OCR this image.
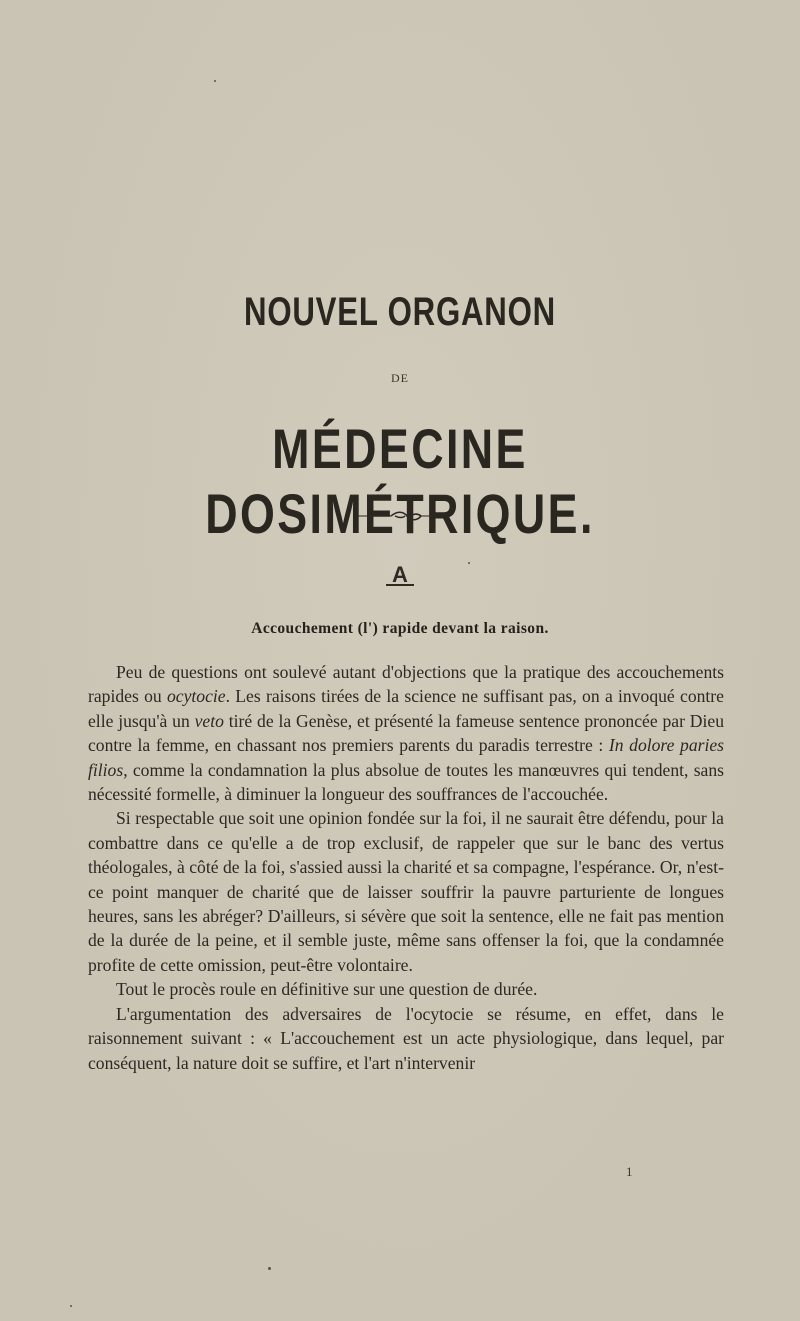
NOUVEL ORGANON
DE
MÉDECINE DOSIMÉTRIQUE.
A
Accouchement (l') rapide devant la raison.

Peu de questions ont soulevé autant d'objections que la pratique des accouchements rapides ou ocytocie. Les raisons tirées de la science ne suffisant pas, on a invoqué contre elle jusqu'à un veto tiré de la Genèse, et présenté la fameuse sentence prononcée par Dieu contre la femme, en chassant nos premiers parents du paradis terrestre : In dolore paries filios, comme la condamnation la plus absolue de toutes les manœuvres qui tendent, sans nécessité formelle, à diminuer la longueur des souffrances de l'accouchée.

Si respectable que soit une opinion fondée sur la foi, il ne saurait être défendu, pour la combattre dans ce qu'elle a de trop exclusif, de rappeler que sur le banc des vertus théologales, à côté de la foi, s'assied aussi la charité et sa compagne, l'espérance. Or, n'est-ce point manquer de charité que de laisser souffrir la pauvre parturiente de longues heures, sans les abréger? D'ailleurs, si sévère que soit la sentence, elle ne fait pas mention de la durée de la peine, et il semble juste, même sans offenser la foi, que la condamnée profite de cette omission, peut-être volontaire.

Tout le procès roule en définitive sur une question de durée.

L'argumentation des adversaires de l'ocytocie se résume, en effet, dans le raisonnement suivant : « L'accouchement est un acte physiologique, dans lequel, par conséquent, la nature doit se suffire, et l'art n'intervenir

1
